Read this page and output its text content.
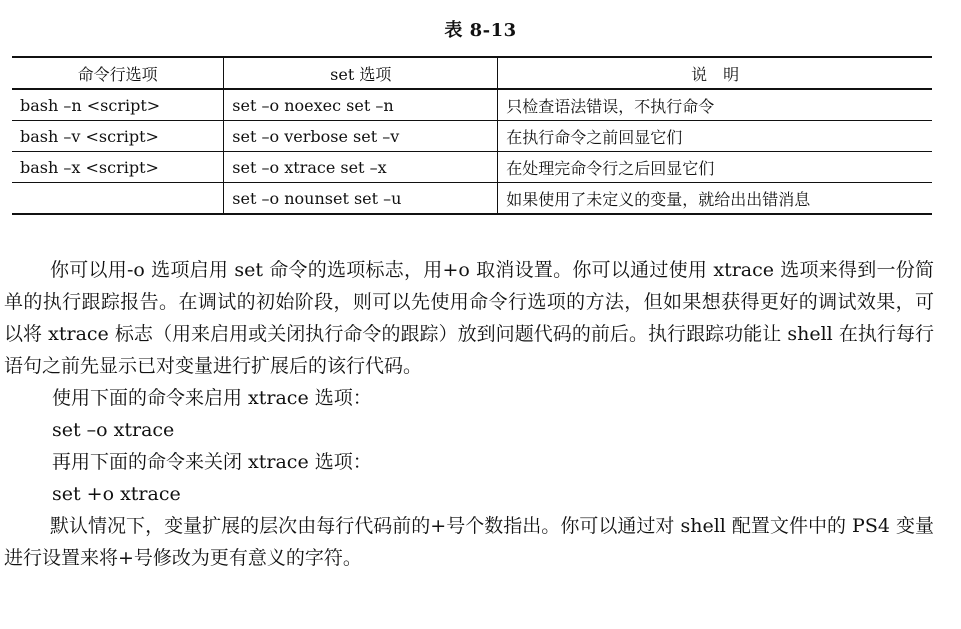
表 8-13
命令行选项	set 选项	说　明
bash –n <script>	set –o noexec set –n	只检查语法错误，不执行命令
bash –v <script>	set –o verbose set –v	在执行命令之前回显它们
bash –x <script>	set –o xtrace set –x	在处理完命令行之后回显它们
	set –o nounset set –u	如果使用了未定义的变量，就给出出错消息

你可以用-o 选项启用 set 命令的选项标志，用+o 取消设置。你可以通过使用 xtrace 选项来得到一份简单的执行跟踪报告。在调试的初始阶段，则可以先使用命令行选项的方法，但如果想获得更好的调试效果，可以将 xtrace 标志（用来启用或关闭执行命令的跟踪）放到问题代码的前后。执行跟踪功能让 shell 在执行每行语句之前先显示已对变量进行扩展后的该行代码。

使用下面的命令来启用 xtrace 选项：

set –o xtrace

再用下面的命令来关闭 xtrace 选项：

set +o xtrace

默认情况下，变量扩展的层次由每行代码前的+号个数指出。你可以通过对 shell 配置文件中的 PS4 变量进行设置来将+号修改为更有意义的字符。
